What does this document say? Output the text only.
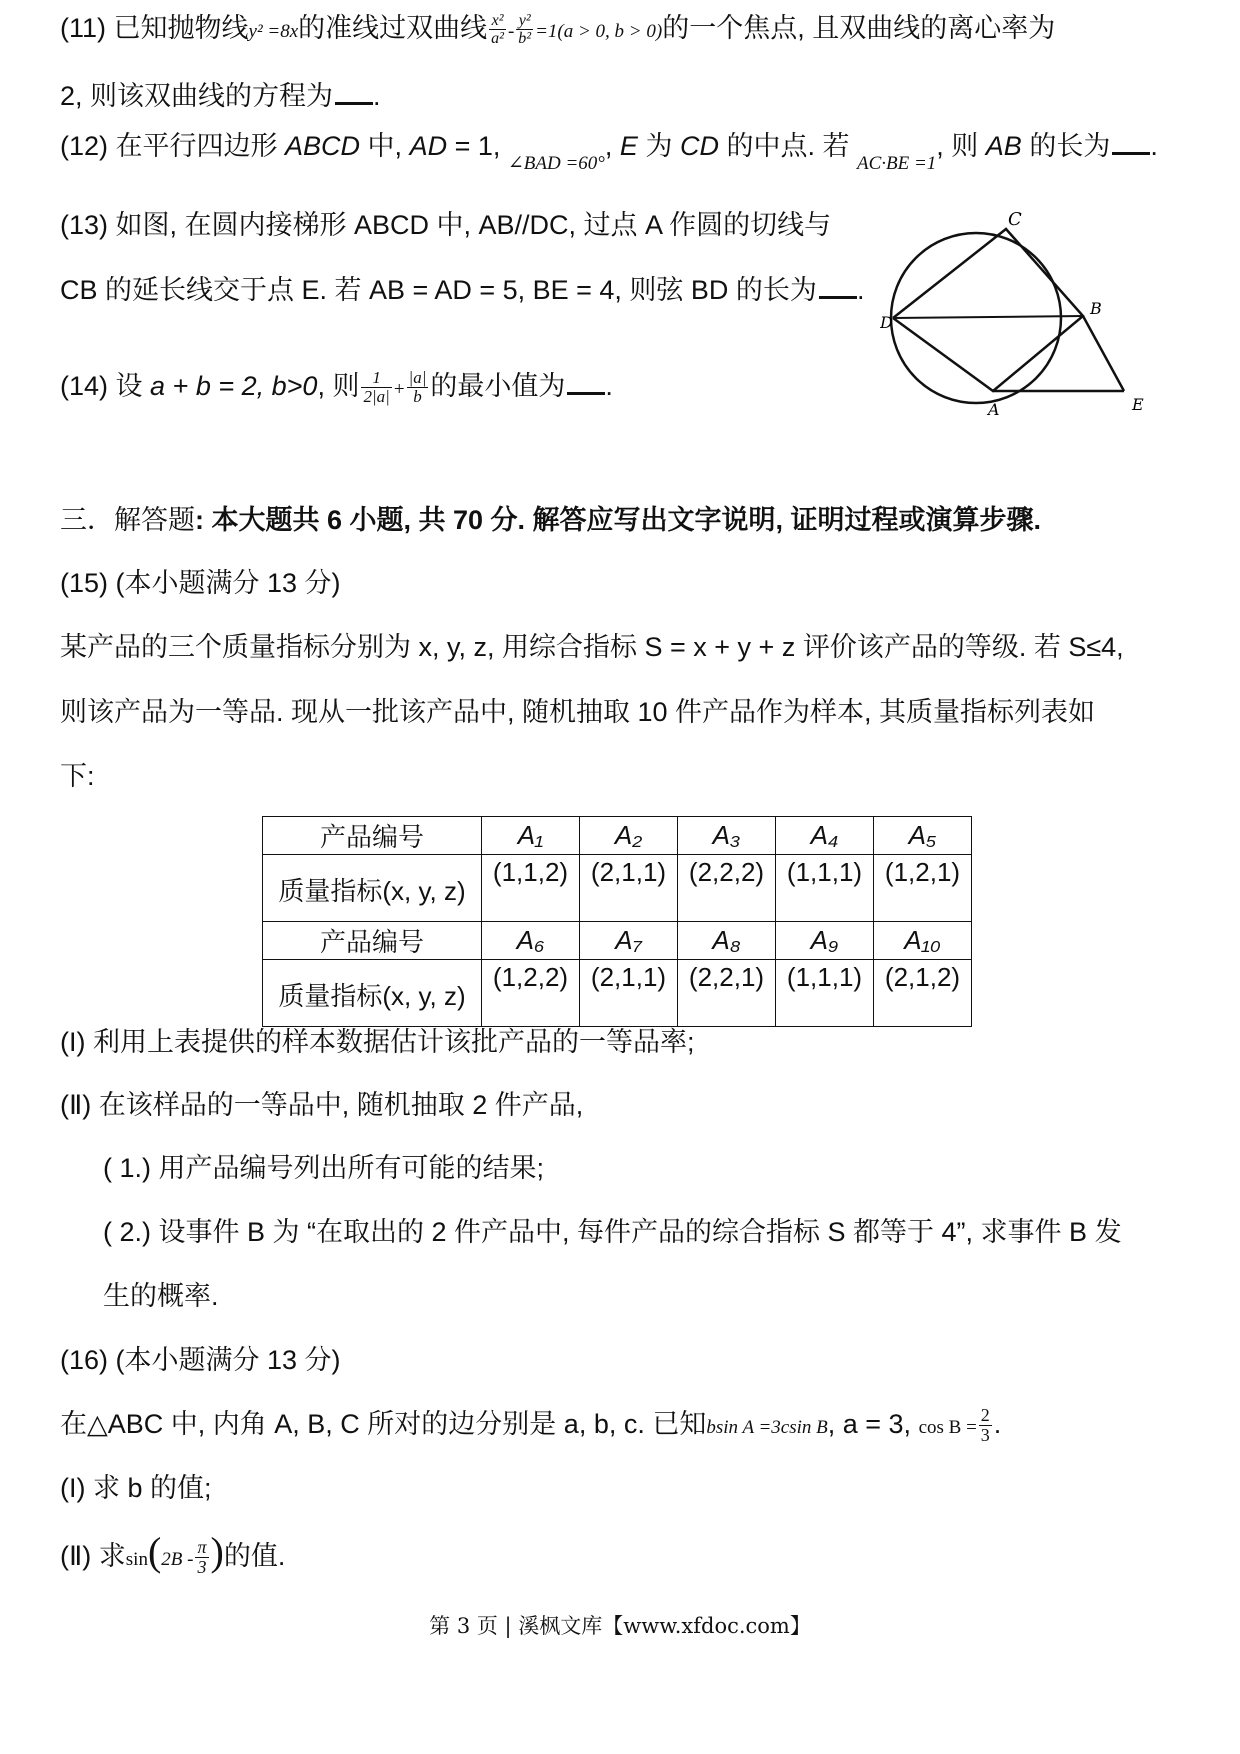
(11) 已知抛物线y² =8x的准线过双曲线 $\frac{\text{x²}}{\text{a²}} - \frac{\text{y²}}{\text{b²}} =1(a > 0$, b > 0)的一个焦点, 且双曲线的离心率为
2, 则该双曲线的方程为 .
(12) 在平行四边形 ABCD 中, AD = 1, $_{\angle BAD =60^\circ}$, E 为 CD 的中点. 若 $_{AC\cdot BE =1}$, 则 AB 的长为 .
(13) 如图, 在圆内接梯形 ABCD 中, AB//DC, 过点 A 作圆的切线与
CB 的延长线交于点 E. 若 AB = AD = 5, BE = 4, 则弦 BD 的长为 .
C
D
B
A	E
(14) 设 a + b = 2, b>0, 则 $\frac{1}{2|a|} + \frac{|a|}{b}$ 的最小值为 .
三．解答题: 本大题共 6 小题, 共 70 分. 解答应写出文字说明, 证明过程或演算步骤.
(15) (本小题满分 13 分)
某产品的三个质量指标分别为 x, y, z, 用综合指标 S = x + y + z 评价该产品的等级. 若 S≤4,
则该产品为一等品. 现从一批该产品中, 随机抽取 10 件产品作为样本, 其质量指标列表如
下:
产品编号	A₁	A₂	A₃	A₄	A₅
质量指标(x, y, z)	(1,1,2)	(2,1,1)	(2,2,2)	(1,1,1)	(1,2,1)
产品编号	A₆	A₇	A₈	A₉	A₁₀
质量指标(x, y, z)	(1,2,2)	(2,1,1)	(2,2,1)	(1,1,1)	(2,1,2)
(I) 利用上表提供的样本数据估计该批产品的一等品率;
(Ⅱ) 在该样品的一等品中, 随机抽取 2 件产品,
( 1.) 用产品编号列出所有可能的结果;
( 2.) 设事件 B 为 “在取出的 2 件产品中, 每件产品的综合指标 S 都等于 4”, 求事件 B 发
生的概率.
(16) (本小题满分 13 分)
在△ABC 中, 内角 A, B, C 所对的边分别是 a, b, c. 已知bsin A =3csin B, a = 3, $\cos B = \frac{2}{3}$ .
(I) 求 b 的值;
(Ⅱ) 求$\sin(2B - \frac{\pi}{3}$ )的值.
第 3 页 | 溪枫文库【www.xfdoc.com】
